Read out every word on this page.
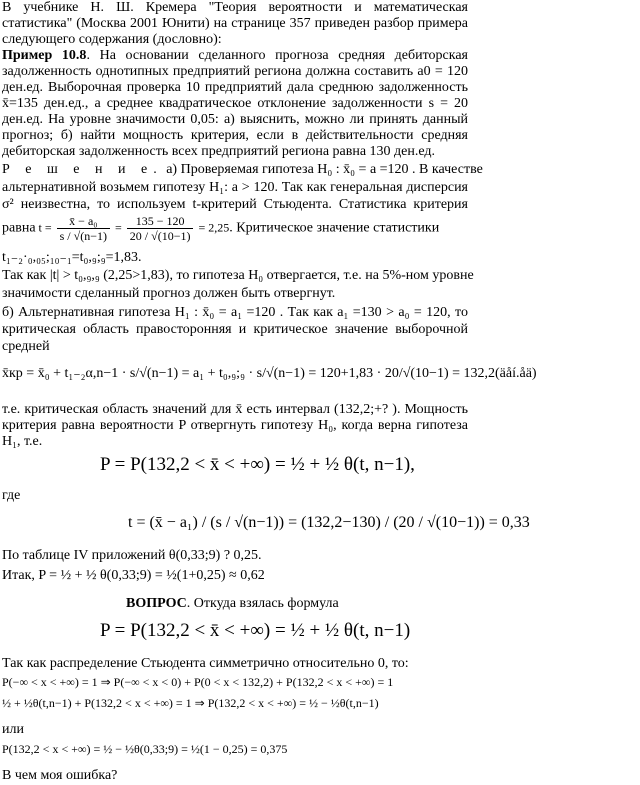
В учебнике Н. Ш. Кремера "Теория вероятности и математическая
статистика" (Москва 2001 Юнити) на странице 357 приведен разбор примера
следующего содержания (дословно):
Пример 10.8. На основании сделанного прогноза средняя дебиторская
задолженность однотипных предприятий региона должна составить a0 = 120
ден.ед. Выборочная проверка 10 предприятий дала среднюю задолженность
x̄=135 ден.ед., а среднее квадратическое отклонение задолженности s = 20
ден.ед. На уровне значимости 0,05: а) выяснить, можно ли принять данный
прогноз; б) найти мощность критерия, если в действительности средняя
дебиторская задолженность всех предприятий региона равна 130 ден.ед.
Р е ш е н и е. а) Проверяемая гипотеза H₀ : x̄₀ = a =120 . В качестве
альтернативной возьмем гипотезу H₁: a > 120. Так как генеральная дисперсия
σ² неизвестна, то используем t-критерий Стьюдента. Статистика критерия
равна $t = \frac{\text{x̄ − a₀}}{s / √(n-1)} = \frac{135 - 120}{20 / √(10-1)} = 2,25$. Критическое значение статистики
t₁₋₂·₀,₀₅;₁₀₋₁=t₀,₉;₉=1,83.
Так как |t| > t₀,₉,₉ (2,25>1,83), то гипотеза H₀ отвергается, т.е. на 5%-ном уровне
значимости сделанный прогноз должен быть отвергнут.
б) Альтернативная гипотеза H₁ : x̄₀ = a₁ =120 . Так как a₁ =130 > a₀ = 120, то
критическая область правосторонняя и критическое значение выборочной
средней
x̄кр = x̄₀ + t₁₋₂α,n−1 · s/√(n−1) = a₁ + t₀,₉;₉ · s/√(n−1) = 120+1,83 · 20/√(10−1) = 132,2(äåí.åä)
т.е. критическая область значений для x̄ есть интервал (132,2;+? ). Мощность
критерия равна вероятности P отвергнуть гипотезу H₀, когда верна гипотеза
H₁, т.е.
P = P(132,2 < x̄ < +∞) = ½ + ½ θ(t, n−1),
где
t = (x̄ − a₁) / (s / √(n−1)) = (132,2−130) / (20 / √(10−1)) = 0,33
По таблице IV приложений θ(0,33;9) ? 0,25.
Итак, P = ½ + ½ θ(0,33;9) = ½(1+0,25) ≈ 0,62
ВОПРОС. Откуда взялась формула
P = P(132,2 < x̄ < +∞) = ½ + ½ θ(t, n−1)
Так как распределение Стьюдента симметрично относительно 0, то:
P(−∞ < x < +∞) = 1 ⇒ P(−∞ < x < 0) + P(0 < x < 132,2) + P(132,2 < x < +∞) = 1
½ + ½θ(t,n−1) + P(132,2 < x < +∞) = 1 ⇒ P(132,2 < x < +∞) = ½ − ½θ(t,n−1)
или
P(132,2 < x < +∞) = ½ − ½θ(0,33;9) = ½(1 − 0,25) = 0,375
В чем моя ошибка?
